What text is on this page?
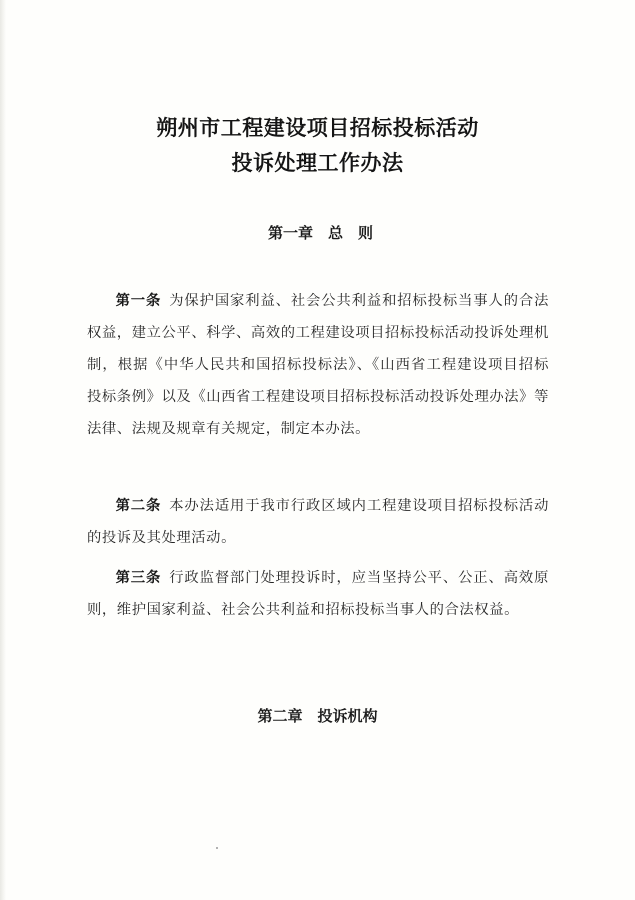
朔州市工程建设项目招标投标活动
投诉处理工作办法
第一章　总　则

第一条 为保护国家利益、社会公共利益和招标投标当事人的合法权益，建立公平、科学、高效的工程建设项目招标投标活动投诉处理机制，根据《中华人民共和国招标投标法》、《山西省工程建设项目招标投标条例》以及《山西省工程建设项目招标投标活动投诉处理办法》等法律、法规及规章有关规定，制定本办法。

第二条 本办法适用于我市行政区域内工程建设项目招标投标活动的投诉及其处理活动。

第三条 行政监督部门处理投诉时，应当坚持公平、公正、高效原则，维护国家利益、社会公共利益和招标投标当事人的合法权益。

第二章　投诉机构
